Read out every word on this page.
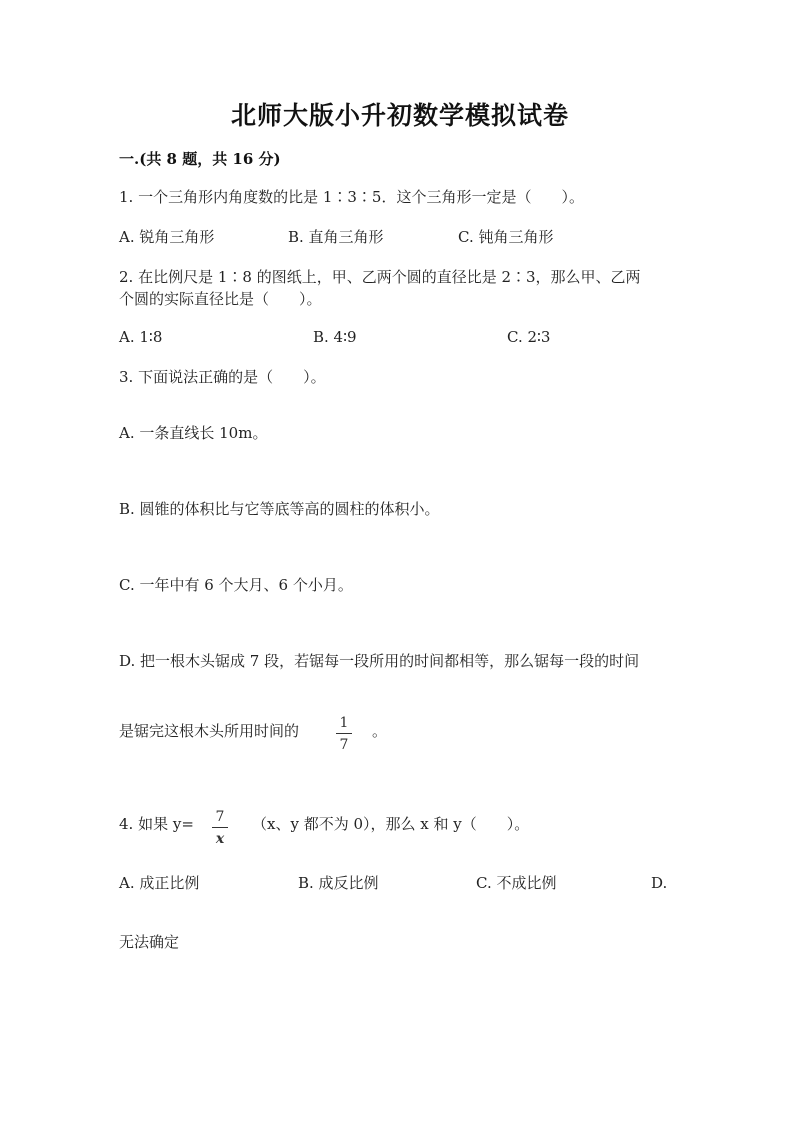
北师大版小升初数学模拟试卷
一.(共 8 题，共 16 分)
1. 一个三角形内角度数的比是 1∶3∶5．这个三角形一定是（　　）。
A. 锐角三角形	B. 直角三角形	C. 钝角三角形
2. 在比例尺是 1∶8 的图纸上，甲、乙两个圆的直径比是 2∶3，那么甲、乙两
个圆的实际直径比是（　　）。
A. 1∶8	B. 4∶9	C. 2∶3
3. 下面说法正确的是（　　）。
A. 一条直线长 10m。
B. 圆锥的体积比与它等底等高的圆柱的体积小。
C. 一年中有 6 个大月、6 个小月。
D. 把一根木头锯成 7 段，若锯每一段所用的时间都相等，那么锯每一段的时间
是锯完这根木头所用时间的	1
7
。
4. 如果 y= 7
x
（x、y 都不为 0），那么 x 和 y（　　）。
A. 成正比例	B. 成反比例	C. 不成比例	D.
无法确定
